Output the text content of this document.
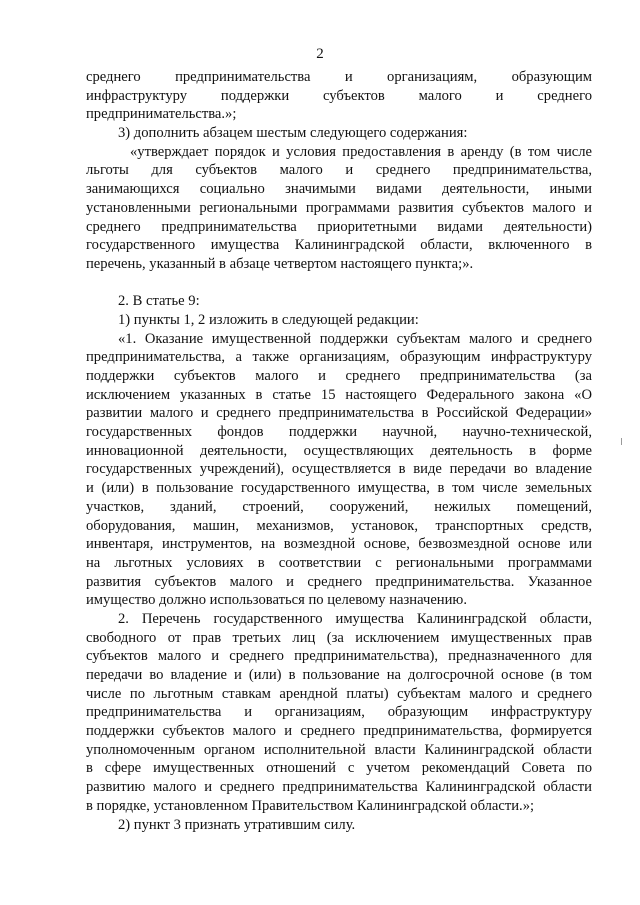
2
среднего предпринимательства и организациям, образующим
инфраструктуру поддержки субъектов малого и среднего
предпринимательства.»;
3) дополнить абзацем шестым следующего содержания:
«утверждает порядок и условия предоставления в аренду (в том числе
льготы для субъектов малого и среднего предпринимательства,
занимающихся социально значимыми видами деятельности, иными
установленными региональными программами развития субъектов малого и
среднего предпринимательства приоритетными видами деятельности)
государственного имущества Калининградской области, включенного в
перечень, указанный в абзаце четвертом настоящего пункта;».
2. В статье 9:
1) пункты 1, 2 изложить в следующей редакции:
«1. Оказание имущественной поддержки субъектам малого и среднего
предпринимательства, а также организациям, образующим инфраструктуру
поддержки субъектов малого и среднего предпринимательства (за
исключением указанных в статье 15 настоящего Федерального закона «О
развитии малого и среднего предпринимательства в Российской Федерации»
государственных фондов поддержки научной, научно-технической,
инновационной деятельности, осуществляющих деятельность в форме
государственных учреждений), осуществляется в виде передачи во владение
и (или) в пользование государственного имущества, в том числе земельных
участков, зданий, строений, сооружений, нежилых помещений,
оборудования, машин, механизмов, установок, транспортных средств,
инвентаря, инструментов, на возмездной основе, безвозмездной основе или
на льготных условиях в соответствии с региональными программами
развития субъектов малого и среднего предпринимательства. Указанное
имущество должно использоваться по целевому назначению.
2. Перечень государственного имущества Калининградской области,
свободного от прав третьих лиц (за исключением имущественных прав
субъектов малого и среднего предпринимательства), предназначенного для
передачи во владение и (или) в пользование на долгосрочной основе (в том
числе по льготным ставкам арендной платы) субъектам малого и среднего
предпринимательства и организациям, образующим инфраструктуру
поддержки субъектов малого и среднего предпринимательства, формируется
уполномоченным органом исполнительной власти Калининградской области
в сфере имущественных отношений с учетом рекомендаций Совета по
развитию малого и среднего предпринимательства Калининградской области
в порядке, установленном Правительством Калининградской области.»;
2) пункт 3 признать утратившим силу.
